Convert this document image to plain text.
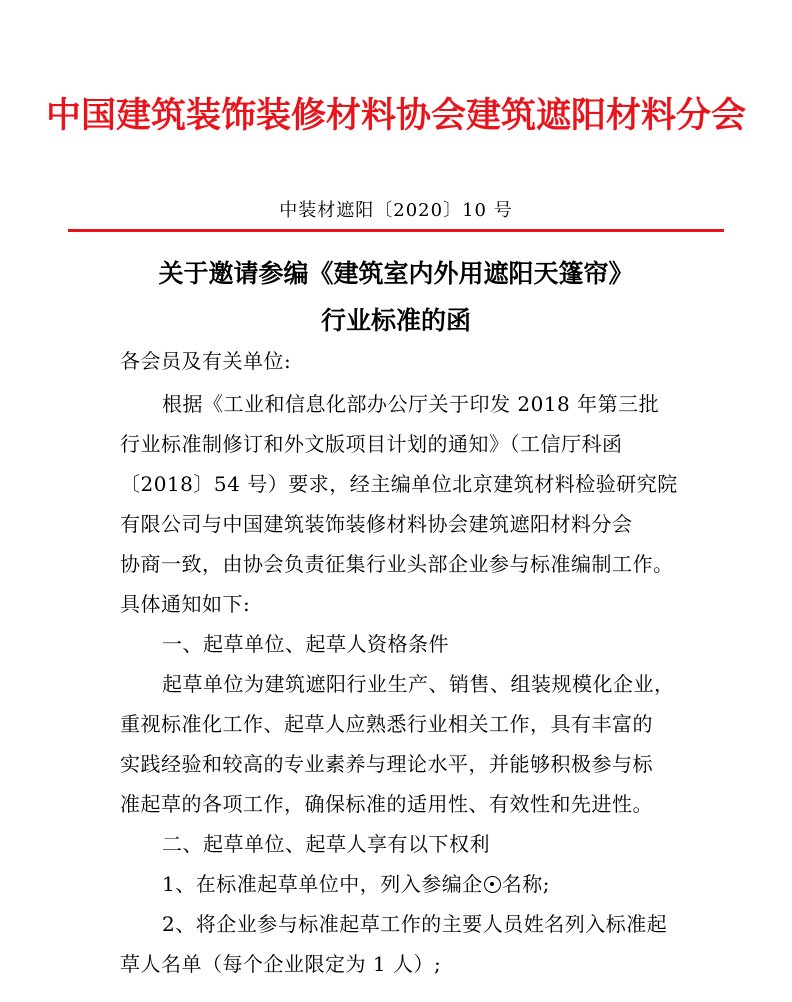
中国建筑装饰装修材料协会建筑遮阳材料分会
中装材遮阳〔2020〕10 号
关于邀请参编《建筑室内外用遮阳天篷帘》
行业标准的函
各会员及有关单位:
根据《工业和信息化部办公厅关于印发 2018 年第三批
行业标准制修订和外文版项目计划的通知》（工信厅科函
〔2018〕54 号）要求，经主编单位北京建筑材料检验研究院
有限公司与中国建筑装饰装修材料协会建筑遮阳材料分会
协商一致，由协会负责征集行业头部企业参与标准编制工作。
具体通知如下:
一、起草单位、起草人资格条件
起草单位为建筑遮阳行业生产、销售、组装规模化企业，
重视标准化工作、起草人应熟悉行业相关工作，具有丰富的
实践经验和较高的专业素养与理论水平，并能够积极参与标
准起草的各项工作，确保标准的适用性、有效性和先进性。
二、起草单位、起草人享有以下权利
1、在标准起草单位中，列入参编企 名称;
2、将企业参与标准起草工作的主要人员姓名列入标准起
草人名单（每个企业限定为 1 人）;
